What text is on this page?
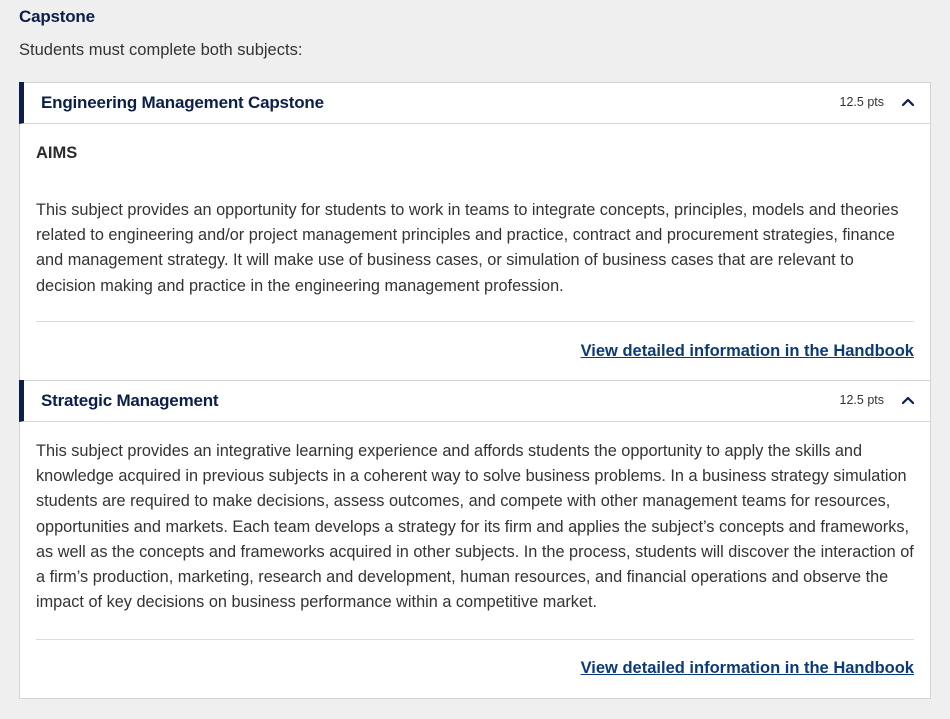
Capstone
Students must complete both subjects:
Engineering Management Capstone	12.5 pts
AIMS
This subject provides an opportunity for students to work in teams to integrate concepts, principles, models and theories related to engineering and/or project management principles and practice, contract and procurement strategies, finance and management strategy. It will make use of business cases, or simulation of business cases that are relevant to decision making and practice in the engineering management profession.
View detailed information in the Handbook
Strategic Management	12.5 pts
This subject provides an integrative learning experience and affords students the opportunity to apply the skills and knowledge acquired in previous subjects in a coherent way to solve business problems. In a business strategy simulation students are required to make decisions, assess outcomes, and compete with other management teams for resources, opportunities and markets. Each team develops a strategy for its firm and applies the subject’s concepts and frameworks, as well as the concepts and frameworks acquired in other subjects. In the process, students will discover the interaction of a firm’s production, marketing, research and development, human resources, and financial operations and observe the impact of key decisions on business performance within a competitive market.
View detailed information in the Handbook
